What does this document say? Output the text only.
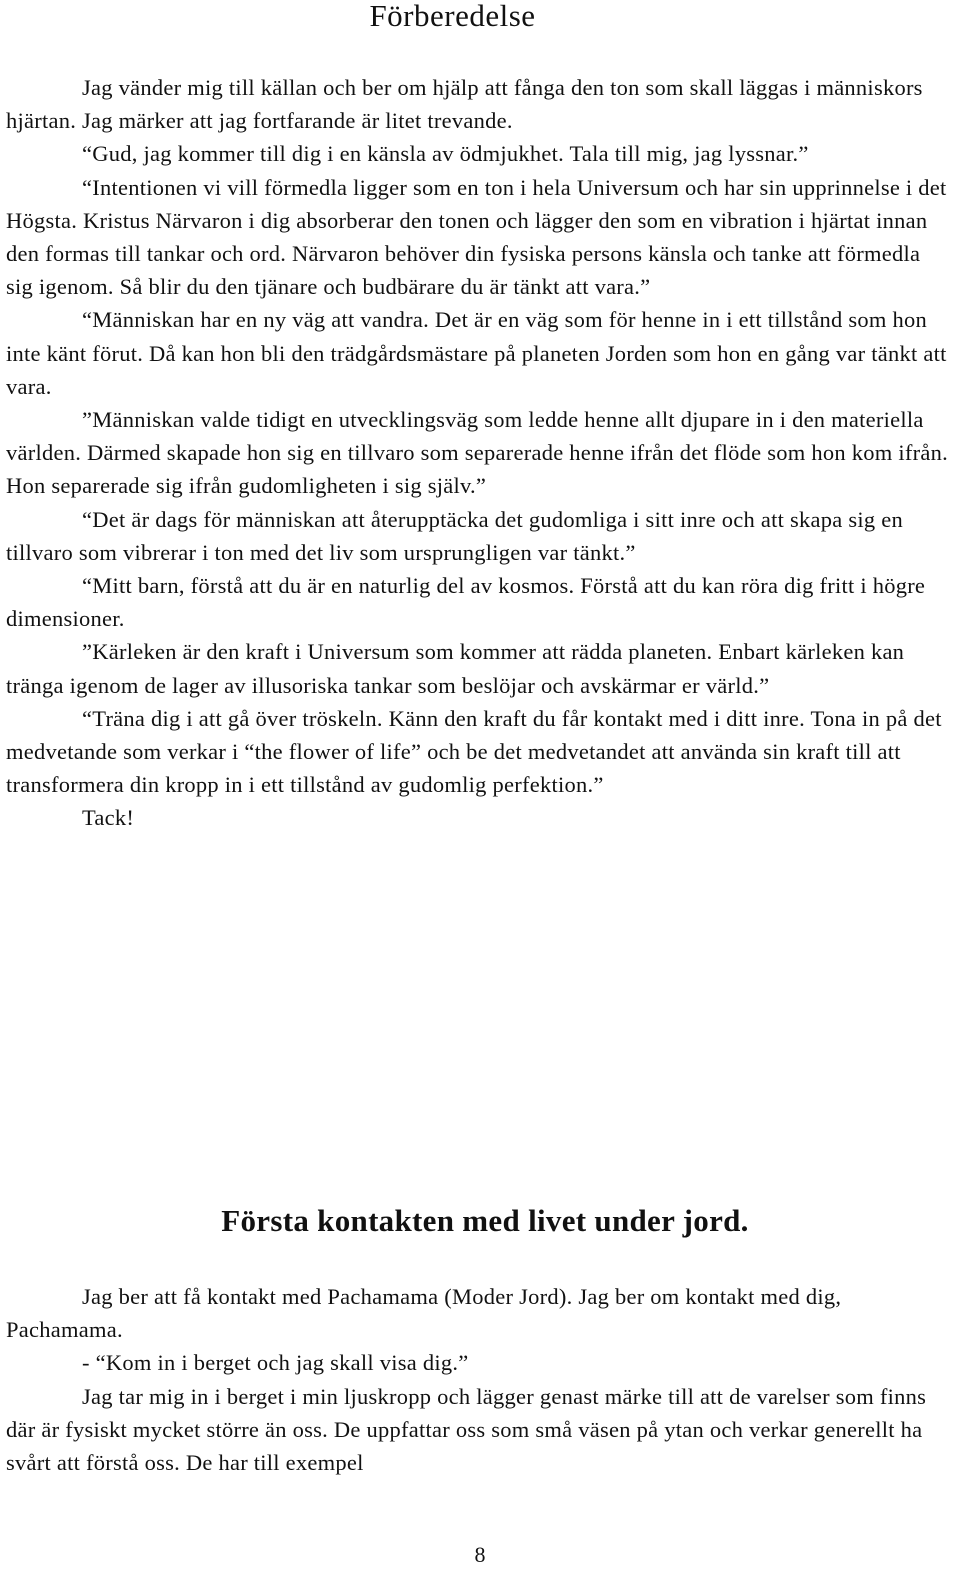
Förberedelse

Jag vänder mig till källan och ber om hjälp att fånga den ton som skall läggas i människors hjärtan. Jag märker att jag fortfarande är litet trevande.

“Gud, jag kommer till dig i en känsla av ödmjukhet. Tala till mig, jag lyssnar.”

“Intentionen vi vill förmedla ligger som en ton i hela Universum och har sin upprinnelse i det Högsta. Kristus Närvaron i dig absorberar den tonen och lägger den som en vibration i hjärtat innan den formas till tankar och ord. Närvaron behöver din fysiska persons känsla och tanke att förmedla sig igenom. Så blir du den tjänare och budbärare du är tänkt att vara.”

“Människan har en ny väg att vandra. Det är en väg som för henne in i ett tillstånd som hon inte känt förut. Då kan hon bli den trädgårdsmästare på planeten Jorden som hon en gång var tänkt att vara.

”Människan valde tidigt en utvecklingsväg som ledde henne allt djupare in i den materiella världen. Därmed skapade hon sig en tillvaro som separerade henne ifrån det flöde som hon kom ifrån. Hon separerade sig ifrån gudomligheten i sig själv.”

“Det är dags för människan att återupptäcka det gudomliga i sitt inre och att skapa sig en tillvaro som vibrerar i ton med det liv som ursprungligen var tänkt.”

“Mitt barn, förstå att du är en naturlig del av kosmos. Förstå att du kan röra dig fritt i högre dimensioner.

”Kärleken är den kraft i Universum som kommer att rädda planeten. Enbart kärleken kan tränga igenom de lager av illusoriska tankar som beslöjar och avskärmar er värld.”

“Träna dig i att gå över tröskeln. Känn den kraft du får kontakt med i ditt inre. Tona in på det medvetande som verkar i “the flower of life” och be det medvetandet att använda sin kraft till att transformera din kropp in i ett tillstånd av gudomlig perfektion.”

Tack!

Första kontakten med livet under jord.

Jag ber att få kontakt med Pachamama (Moder Jord). Jag ber om kontakt med dig, Pachamama.

- “Kom in i berget och jag skall visa dig.”

Jag tar mig in i berget i min ljuskropp och lägger genast märke till att de varelser som finns där är fysiskt mycket större än oss. De uppfattar oss som små väsen på ytan och verkar generellt ha svårt att förstå oss. De har till exempel

8
